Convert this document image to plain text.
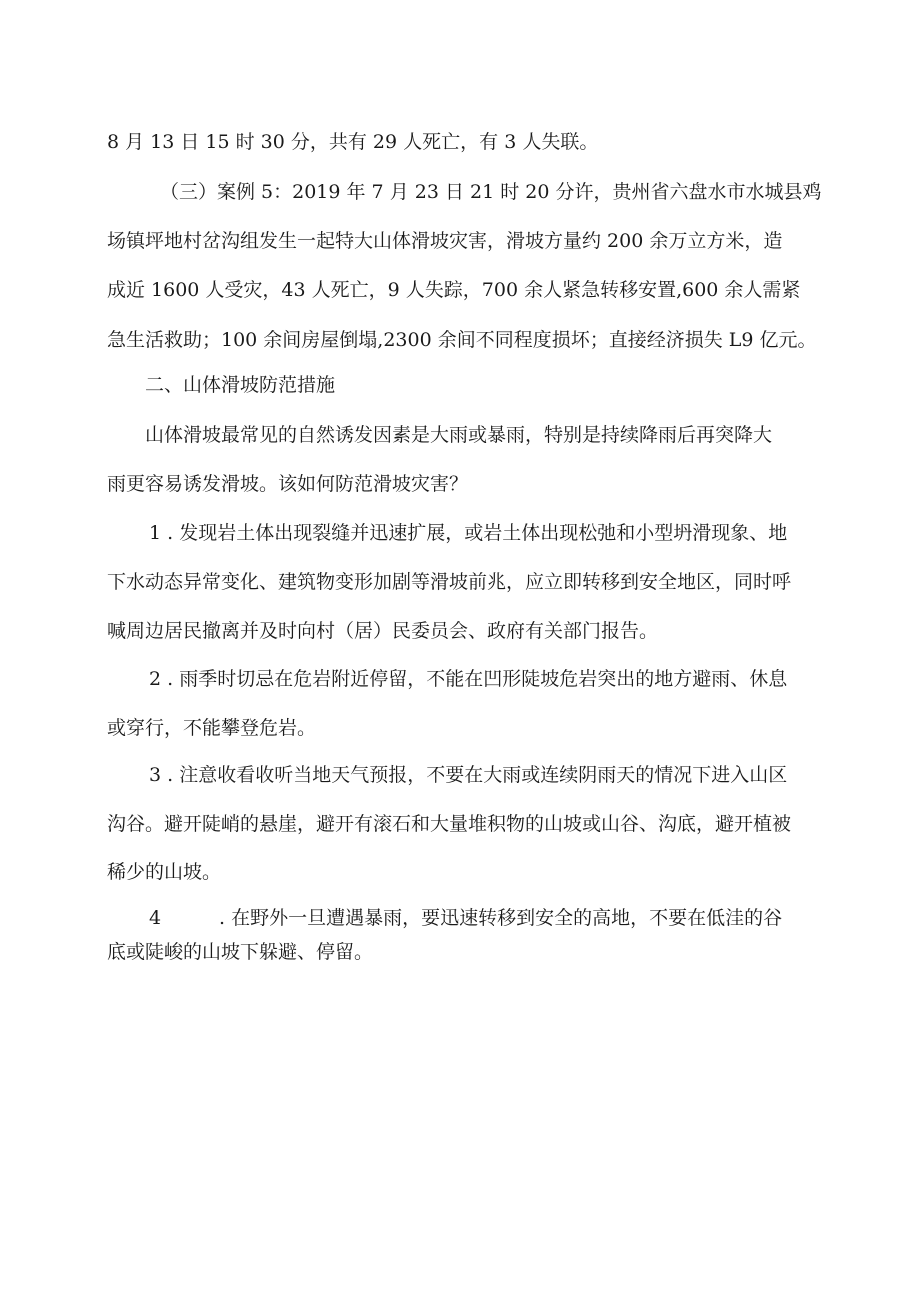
8 月 13 日 15 时 30 分，共有 29 人死亡，有 3 人失联。
（三）案例 5：2019 年 7 月 23 日 21 时 20 分许，贵州省六盘水市水城县鸡
场镇坪地村岔沟组发生一起特大山体滑坡灾害，滑坡方量约 200 余万立方米，造
成近 1600 人受灾，43 人死亡，9 人失踪，700 余人紧急转移安置,600 余人需紧
急生活救助；100 余间房屋倒塌,2300 余间不同程度损坏；直接经济损失 L9 亿元。
二、山体滑坡防范措施
山体滑坡最常见的自然诱发因素是大雨或暴雨，特别是持续降雨后再突降大
雨更容易诱发滑坡。该如何防范滑坡灾害？
1 . 发现岩土体出现裂缝并迅速扩展，或岩土体出现松弛和小型坍滑现象、地
下水动态异常变化、建筑物变形加剧等滑坡前兆，应立即转移到安全地区，同时呼
喊周边居民撤离并及时向村（居）民委员会、政府有关部门报告。
2 . 雨季时切忌在危岩附近停留，不能在凹形陡坡危岩突出的地方避雨、休息
或穿行，不能攀登危岩。
3 . 注意收看收听当地天气预报，不要在大雨或连续阴雨天的情况下进入山区
沟谷。避开陡峭的悬崖，避开有滚石和大量堆积物的山坡或山谷、沟底，避开植被
稀少的山坡。
4	. 在野外一旦遭遇暴雨，要迅速转移到安全的高地，不要在低洼的谷
底或陡峻的山坡下躲避、停留。
